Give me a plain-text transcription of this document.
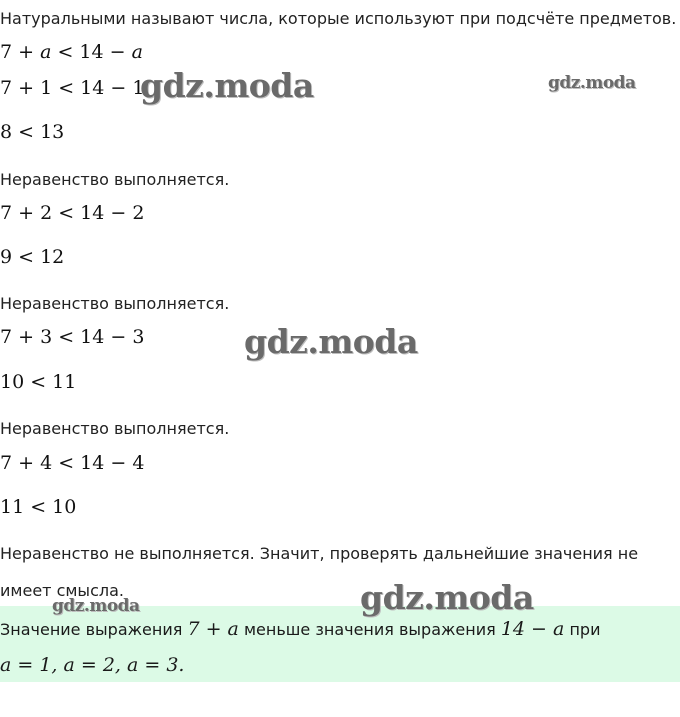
Натуральными называют числа, которые используют при подсчёте предметов.
7 + a < 14 − a
7 + 1 < 14 − 1
8 < 13
Неравенство выполняется.
7 + 2 < 14 − 2
9 < 12
Неравенство выполняется.
7 + 3 < 14 − 3
10 < 11
Неравенство выполняется.
7 + 4 < 14 − 4
11 < 10
Неравенство не выполняется. Значит, проверять дальнейшие значения не
имеет смысла.
Значение выражения 7 + a меньше значения выражения 14 − a при
a = 1, a = 2, a = 3.
gdz.moda	gdz.moda
gdz.moda
gdz.moda	gdz.moda
